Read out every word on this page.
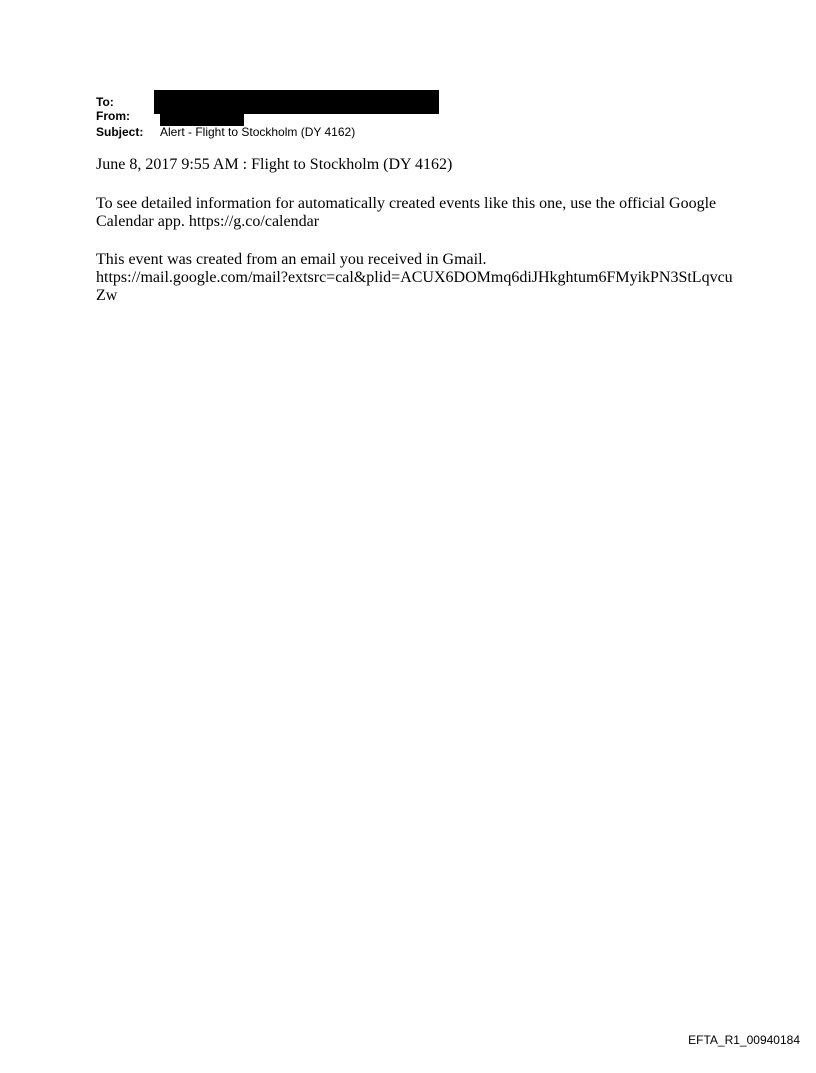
To:
From:
Subject: Alert - Flight to Stockholm (DY 4162)

June 8, 2017 9:55 AM : Flight to Stockholm (DY 4162)

To see detailed information for automatically created events like this one, use the official Google Calendar app. https://g.co/calendar

This event was created from an email you received in Gmail.
https://mail.google.com/mail?extsrc=cal&plid=ACUX6DOMmq6diJHkghtum6FMyikPN3StLqvcuZw
EFTA_R1_00940184
